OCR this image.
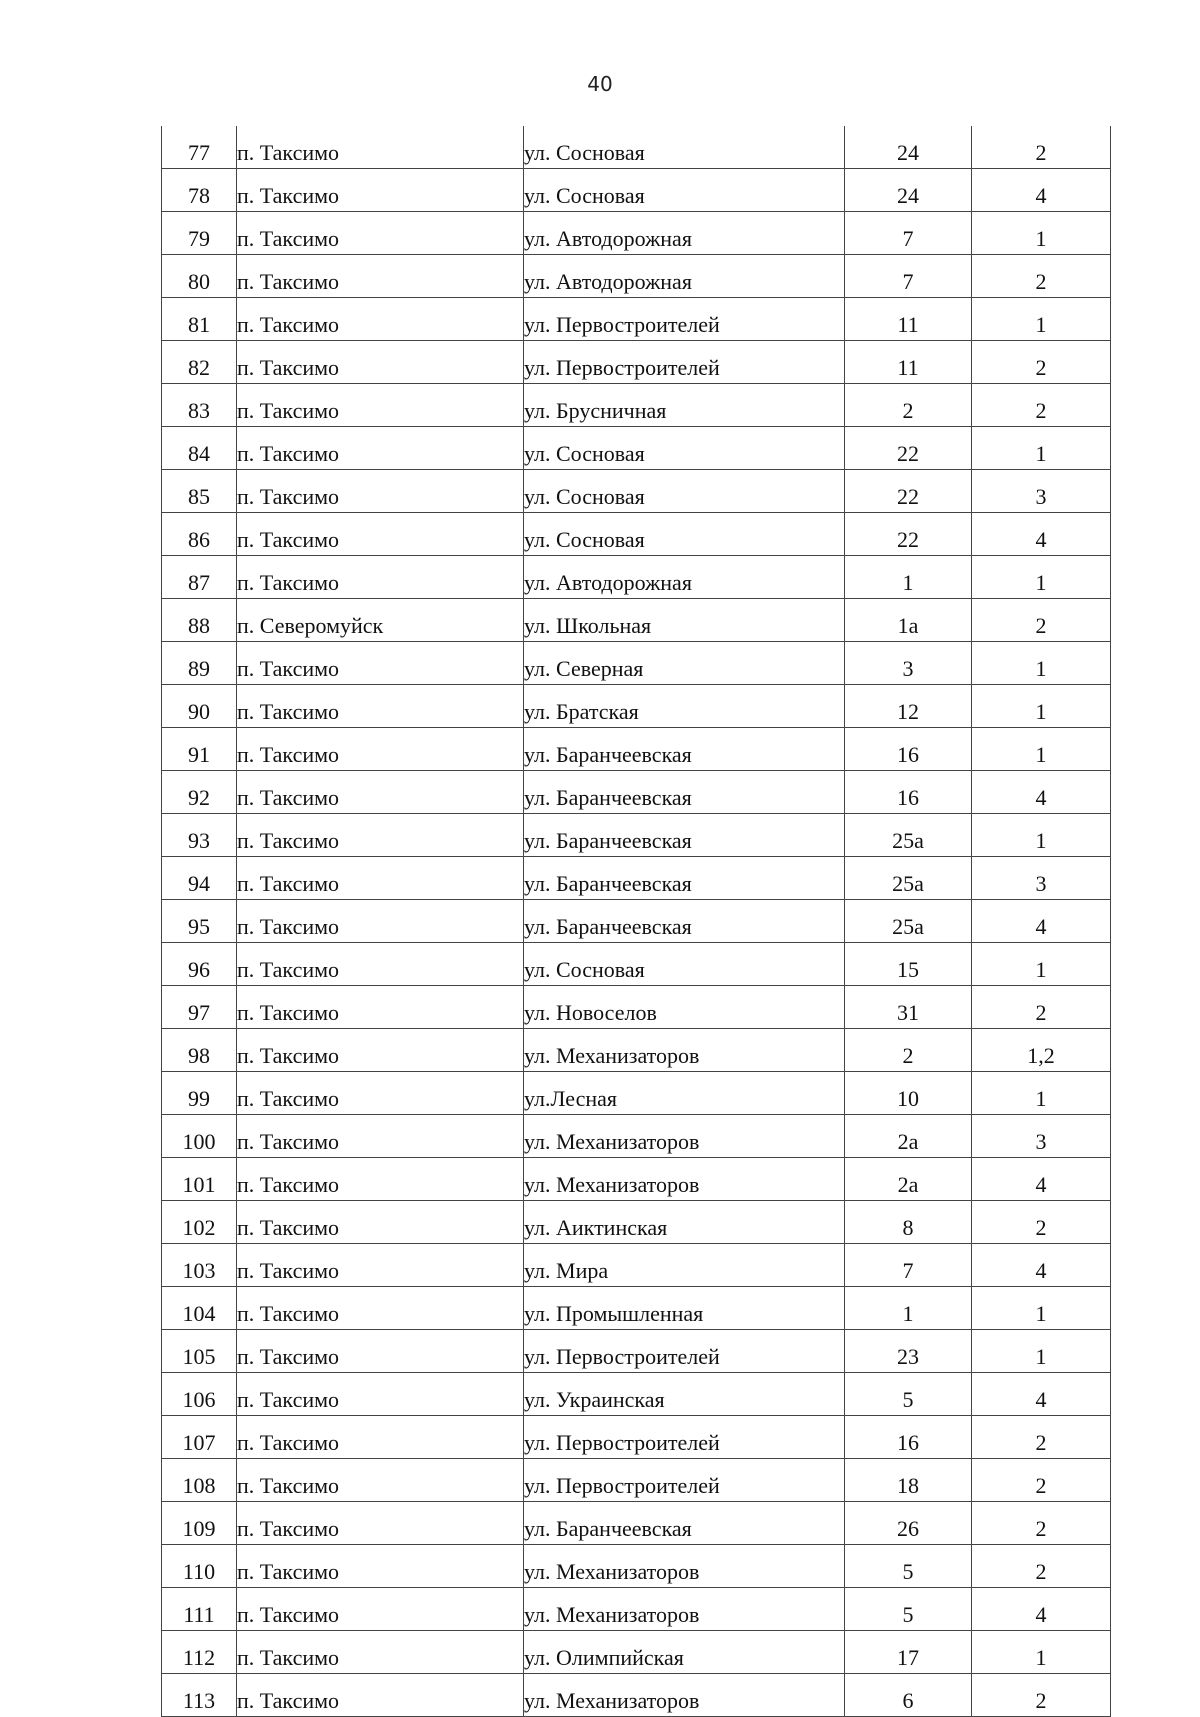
40
77	п. Таксимо	ул. Сосновая	24	2
78	п. Таксимо	ул. Сосновая	24	4
79	п. Таксимо	ул. Автодорожная	7	1
80	п. Таксимо	ул. Автодорожная	7	2
81	п. Таксимо	ул. Первостроителей	11	1
82	п. Таксимо	ул. Первостроителей	11	2
83	п. Таксимо	ул. Брусничная	2	2
84	п. Таксимо	ул. Сосновая	22	1
85	п. Таксимо	ул. Сосновая	22	3
86	п. Таксимо	ул. Сосновая	22	4
87	п. Таксимо	ул. Автодорожная	1	1
88	п. Северомуйск	ул. Школьная	1а	2
89	п. Таксимо	ул. Северная	3	1
90	п. Таксимо	ул. Братская	12	1
91	п. Таксимо	ул. Баранчеевская	16	1
92	п. Таксимо	ул. Баранчеевская	16	4
93	п. Таксимо	ул. Баранчеевская	25а	1
94	п. Таксимо	ул. Баранчеевская	25а	3
95	п. Таксимо	ул. Баранчеевская	25а	4
96	п. Таксимо	ул. Сосновая	15	1
97	п. Таксимо	ул. Новоселов	31	2
98	п. Таксимо	ул. Механизаторов	2	1,2
99	п. Таксимо	ул.Лесная	10	1
100	п. Таксимо	ул. Механизаторов	2а	3
101	п. Таксимо	ул. Механизаторов	2а	4
102	п. Таксимо	ул. Аиктинская	8	2
103	п. Таксимо	ул. Мира	7	4
104	п. Таксимо	ул. Промышленная	1	1
105	п. Таксимо	ул. Первостроителей	23	1
106	п. Таксимо	ул. Украинская	5	4
107	п. Таксимо	ул. Первостроителей	16	2
108	п. Таксимо	ул. Первостроителей	18	2
109	п. Таксимо	ул. Баранчеевская	26	2
110	п. Таксимо	ул. Механизаторов	5	2
111	п. Таксимо	ул. Механизаторов	5	4
112	п. Таксимо	ул. Олимпийская	17	1
113	п. Таксимо	ул. Механизаторов	6	2
